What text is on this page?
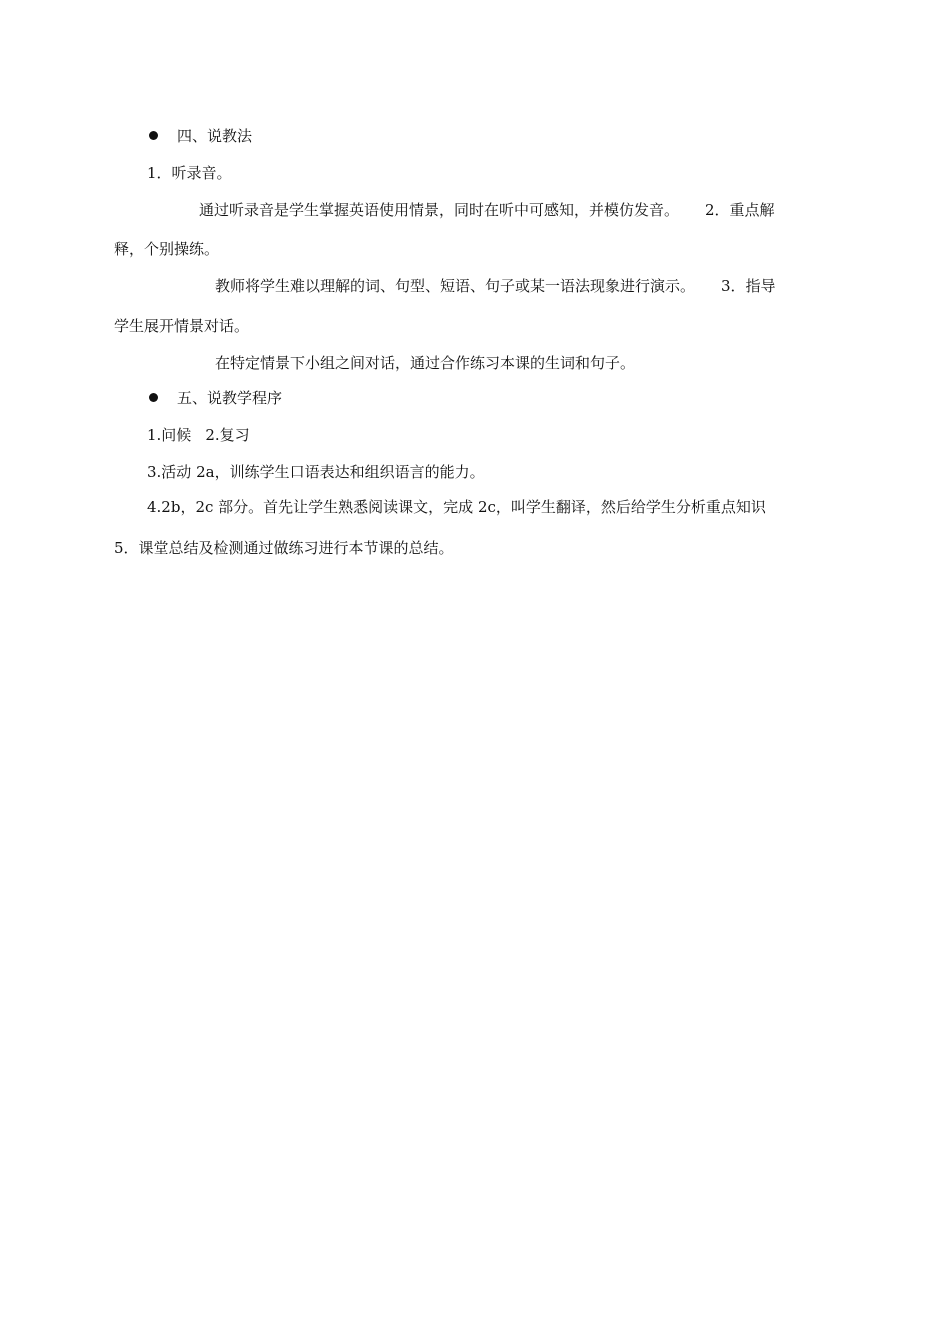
四、说教法
1．听录音。
通过听录音是学生掌握英语使用情景，同时在听中可感知，并模仿发音。 2．重点解
释，个别操练。
教师将学生难以理解的词、句型、短语、句子或某一语法现象进行演示。 3．指导
学生展开情景对话。
在特定情景下小组之间对话，通过合作练习本课的生词和句子。
五、说教学程序
1.问候 2.复习
3.活动 2a，训练学生口语表达和组织语言的能力。
4.2b，2c 部分。首先让学生熟悉阅读课文，完成 2c，叫学生翻译，然后给学生分析重点知识
5．课堂总结及检测通过做练习进行本节课的总结。
